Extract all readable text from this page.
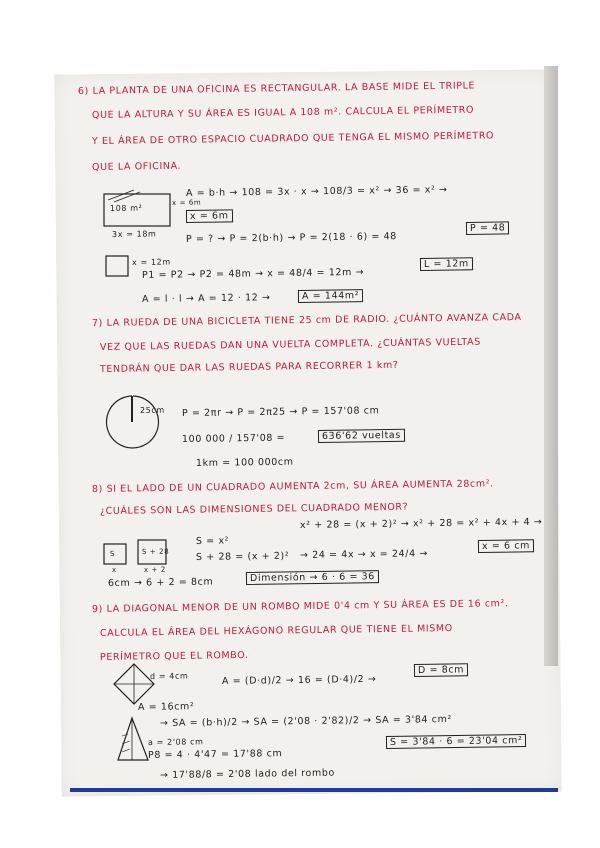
6) LA PLANTA DE UNA OFICINA ES RECTANGULAR. LA BASE MIDE EL TRIPLE
QUE LA ALTURA Y SU ÁREA ES IGUAL A 108 m². CALCULA EL PERÍMETRO
Y EL ÁREA DE OTRO ESPACIO CUADRADO QUE TENGA EL MISMO PERÍMETRO
QUE LA OFICINA.
108 m²
x = 6m
3x = 18m
A = b·h → 108 = 3x · x → 108/3 = x² → 36 = x² →
x = 6m
P = ? → P = 2(b·h) → P = 2(18 · 6) = 48
P = 48
x = 12m
P1 = P2 → P2 = 48m → x = 48/4 = 12m →
L = 12m
A = l · l → A = 12 · 12 →	A = 144m²
7) LA RUEDA DE UNA BICICLETA TIENE 25 cm DE RADIO. ¿CUÁNTO AVANZA CADA
VEZ QUE LAS RUEDAS DAN UNA VUELTA COMPLETA. ¿CUÁNTAS VUELTAS
TENDRÁN QUE DAR LAS RUEDAS PARA RECORRER 1 km?
25cm P = 2πr → P = 2π25 → P = 157'08 cm
100 000 / 157'08 =	636'62 vueltas
1km = 100 000cm
8) SI EL LADO DE UN CUADRADO AUMENTA 2cm, SU ÁREA AUMENTA 28cm².
¿CUÁLES SON LAS DIMENSIONES DEL CUADRADO MENOR?
x² + 28 = (x + 2)² → x² + 28 = x² + 4x + 4 →
S = x²
S + 28 = (x + 2)² → 24 = 4x → x = 24/4 →
x = 6 cm
S	S + 28
x	x + 2
6cm → 6 + 2 = 8cm	Dimensión → 6 · 6 = 36
9) LA DIAGONAL MENOR DE UN ROMBO MIDE 0'4 cm Y SU ÁREA ES DE 16 cm².
CALCULA EL ÁREA DEL HEXÁGONO REGULAR QUE TIENE EL MISMO
PERÍMETRO QUE EL ROMBO.
d = 4cm	A = (D·d)/2 → 16 = (D·4)/2 →
D = 8cm
A = 16cm²
→ SA = (b·h)/2 → SA = (2'08 · 2'82)/2 → SA = 3'84 cm²
a = 2'08 cm
P8 = 4 · 4'47 = 17'88 cm
S = 3'84 · 6 = 23'04 cm²
→ 17'88/8 = 2'08 lado del rombo
